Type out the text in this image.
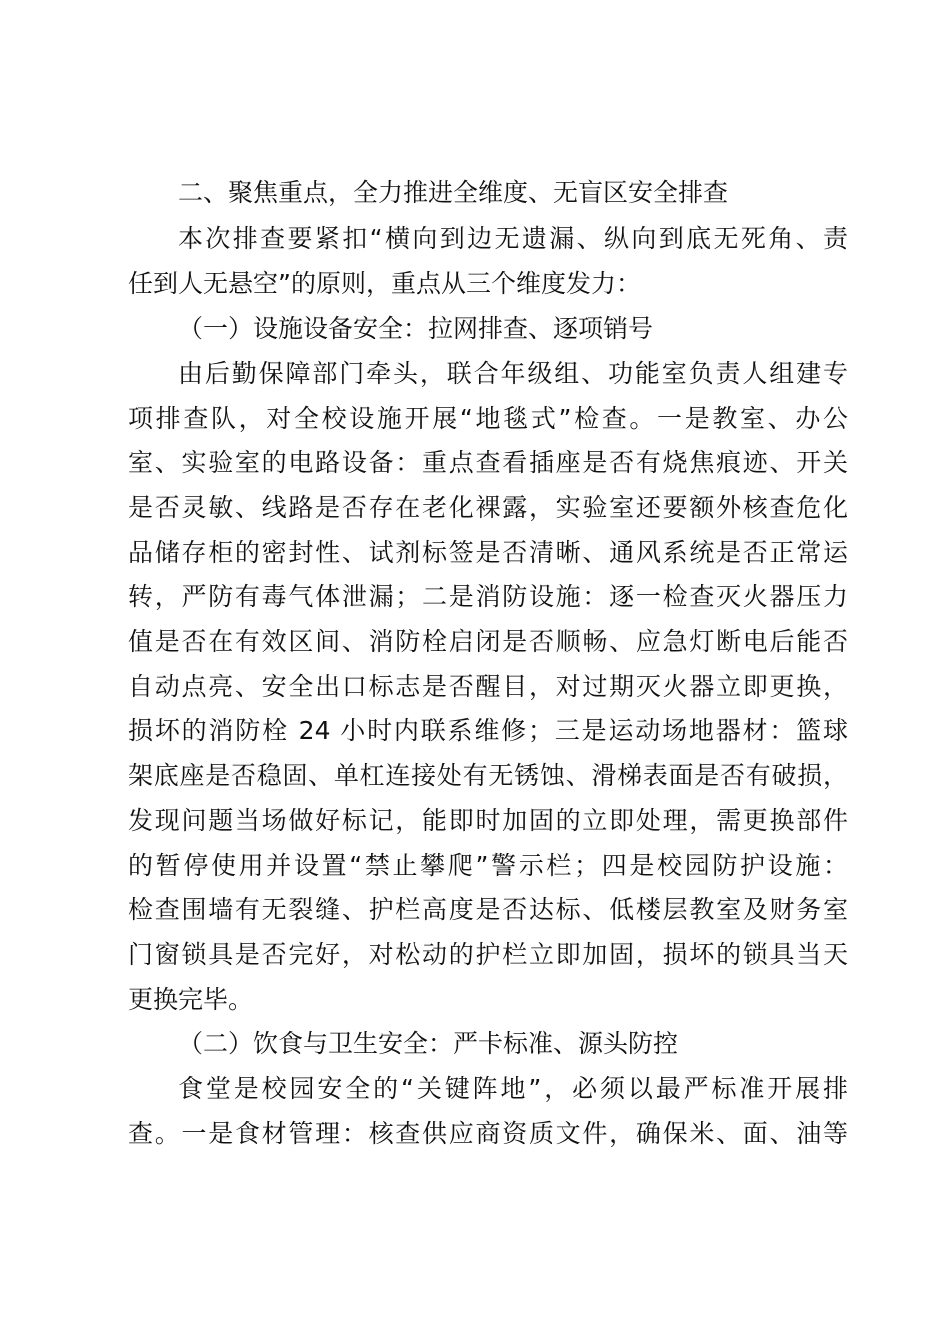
二、聚焦重点，全力推进全维度、无盲区安全排查
本次排查要紧扣“横向到边无遗漏、纵向到底无死角、责
任到人无悬空”的原则，重点从三个维度发力：
（一）设施设备安全：拉网排查、逐项销号
由后勤保障部门牵头，联合年级组、功能室负责人组建专
项排查队，对全校设施开展“地毯式”检查。一是教室、办公
室、实验室的电路设备：重点查看插座是否有烧焦痕迹、开关
是否灵敏、线路是否存在老化裸露，实验室还要额外核查危化
品储存柜的密封性、试剂标签是否清晰、通风系统是否正常运
转，严防有毒气体泄漏；二是消防设施：逐一检查灭火器压力
值是否在有效区间、消防栓启闭是否顺畅、应急灯断电后能否
自动点亮、安全出口标志是否醒目，对过期灭火器立即更换，
损坏的消防栓 24 小时内联系维修；三是运动场地器材：篮球
架底座是否稳固、单杠连接处有无锈蚀、滑梯表面是否有破损，
发现问题当场做好标记，能即时加固的立即处理，需更换部件
的暂停使用并设置“禁止攀爬”警示栏；四是校园防护设施：
检查围墙有无裂缝、护栏高度是否达标、低楼层教室及财务室
门窗锁具是否完好，对松动的护栏立即加固，损坏的锁具当天
更换完毕。
（二）饮食与卫生安全：严卡标准、源头防控
食堂是校园安全的“关键阵地”，必须以最严标准开展排
查。一是食材管理：核查供应商资质文件，确保米、面、油等
